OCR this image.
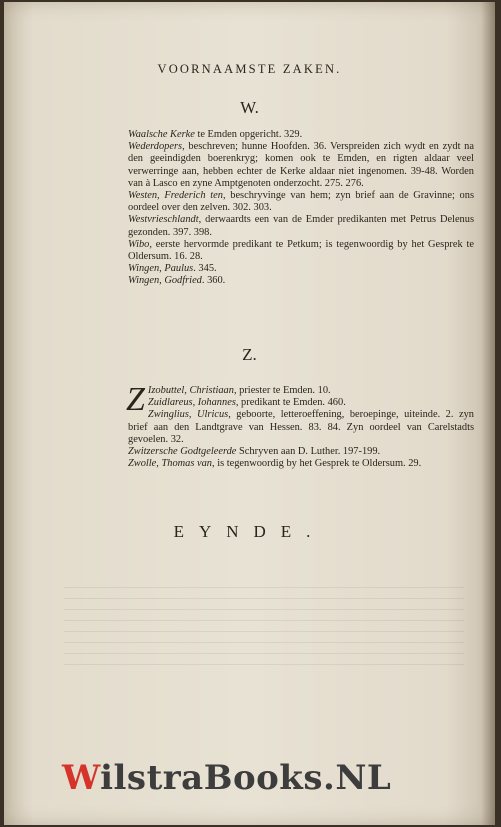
VOORNAAMSTE ZAKEN.
W.

Waalsche Kerke te Emden opgericht. 329.

Wederdopers, beschreven; hunne Hoofden. 36. Verspreiden zich wydt en zydt na den geeindigden boerenkryg; komen ook te Emden, en rigten aldaar veel verwerringe aan, hebben echter de Kerke aldaar niet ingenomen. 39-48. Worden van à Lasco en zyne Amptgenoten onderzocht. 275. 276.

Westen, Frederich ten, beschryvinge van hem; zyn brief aan de Gravinne; ons oordeel over den zelven. 302. 303.

Westvrieschlandt, derwaardts een van de Emder predikanten met Petrus Delenus gezonden. 397. 398.

Wibo, eerste hervormde predikant te Petkum; is tegenwoordig by het Gesprek te Oldersum. 16. 28.

Wingen, Paulus. 345.

Wingen, Godfried. 360.

Z.

Z Izobuttel, Christiaan, priester te Emden. 10.

Zuidlareus, Iohannes, predikant te Emden. 460.

Zwinglius, Ulricus, geboorte, letteroeffening, beroepinge, uiteinde. 2. zyn brief aan den Landtgrave van Hessen. 83. 84. Zyn oordeel van Carelstadts gevoelen. 32.

Zwitzersche Godtgeleerde Schryven aan D. Luther. 197-199.

Zwolle, Thomas van, is tegenwoordig by het Gesprek te Oldersum. 29.

EYNDE.
WilstraBooks.NL
